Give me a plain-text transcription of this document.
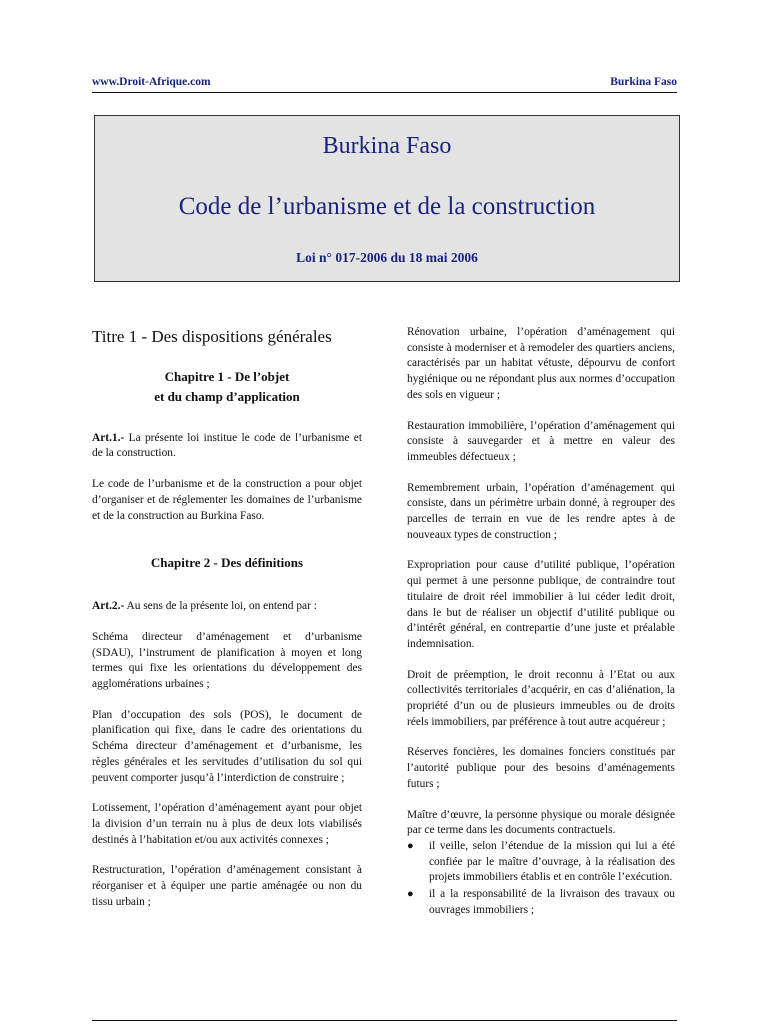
www.Droit-Afrique.com	Burkina Faso
Burkina Faso
Code de l’urbanisme et de la construction
Loi n° 017-2006 du 18 mai 2006
Titre 1 - Des dispositions générales
Chapitre 1 - De l’objet
et du champ d’application

Art.1.- La présente loi institue le code de l’urbanisme et de la construction.

Le code de l’urbanisme et de la construction a pour objet d’organiser et de réglementer les domaines de l’urbanisme et de la construction au Burkina Faso.

Chapitre 2 - Des définitions

Art.2.- Au sens de la présente loi, on entend par :

Schéma directeur d’aménagement et d’urbanisme (SDAU), l’instrument de planification à moyen et long termes qui fixe les orientations du développement des agglomérations urbaines ;

Plan d’occupation des sols (POS), le document de planification qui fixe, dans le cadre des orientations du Schéma directeur d’aménagement et d’urbanisme, les règles générales et les servitudes d’utilisation du sol qui peuvent comporter jusqu’à l’interdiction de construire ;

Lotissement, l’opération d’aménagement ayant pour objet la division d’un terrain nu à plus de deux lots viabilisés destinés à l’habitation et/ou aux activités connexes ;

Restructuration, l’opération d’aménagement consistant à réorganiser et à équiper une partie aménagée ou non du tissu urbain ;

Rénovation urbaine, l’opération d’aménagement qui consiste à moderniser et à remodeler des quartiers anciens, caractérisés par un habitat vétuste, dépourvu de confort hygiénique ou ne répondant plus aux normes d’occupation des sols en vigueur ;

Restauration immobilière, l’opération d’aménagement qui consiste à sauvegarder et à mettre en valeur des immeubles défectueux ;

Remembrement urbain, l’opération d’aménagement qui consiste, dans un périmètre urbain donné, à regrouper des parcelles de terrain en vue de les rendre aptes à de nouveaux types de construction ;

Expropriation pour cause d’utilité publique, l’opération qui permet à une personne publique, de contraindre tout titulaire de droit réel immobilier à lui céder ledit droit, dans le but de réaliser un objectif d’utilité publique ou d’intérêt général, en contrepartie d’une juste et préalable indemnisation.

Droit de préemption, le droit reconnu à l’Etat ou aux collectivités territoriales d’acquérir, en cas d’aliénation, la propriété d’un ou de plusieurs immeubles ou de droits réels immobiliers, par préférence à tout autre acquéreur ;

Réserves foncières, les domaines fonciers constitués par l’autorité publique pour des besoins d’aménagements futurs ;

Maître d’œuvre, la personne physique ou morale désignée par ce terme dans les documents contractuels.

● il veille, selon l’étendue de la mission qui lui a été confiée par le maître d’ouvrage, à la réalisation des projets immobiliers établis et en contrôle l’exécution.
● il a la responsabilité de la livraison des travaux ou ouvrages immobiliers ;
